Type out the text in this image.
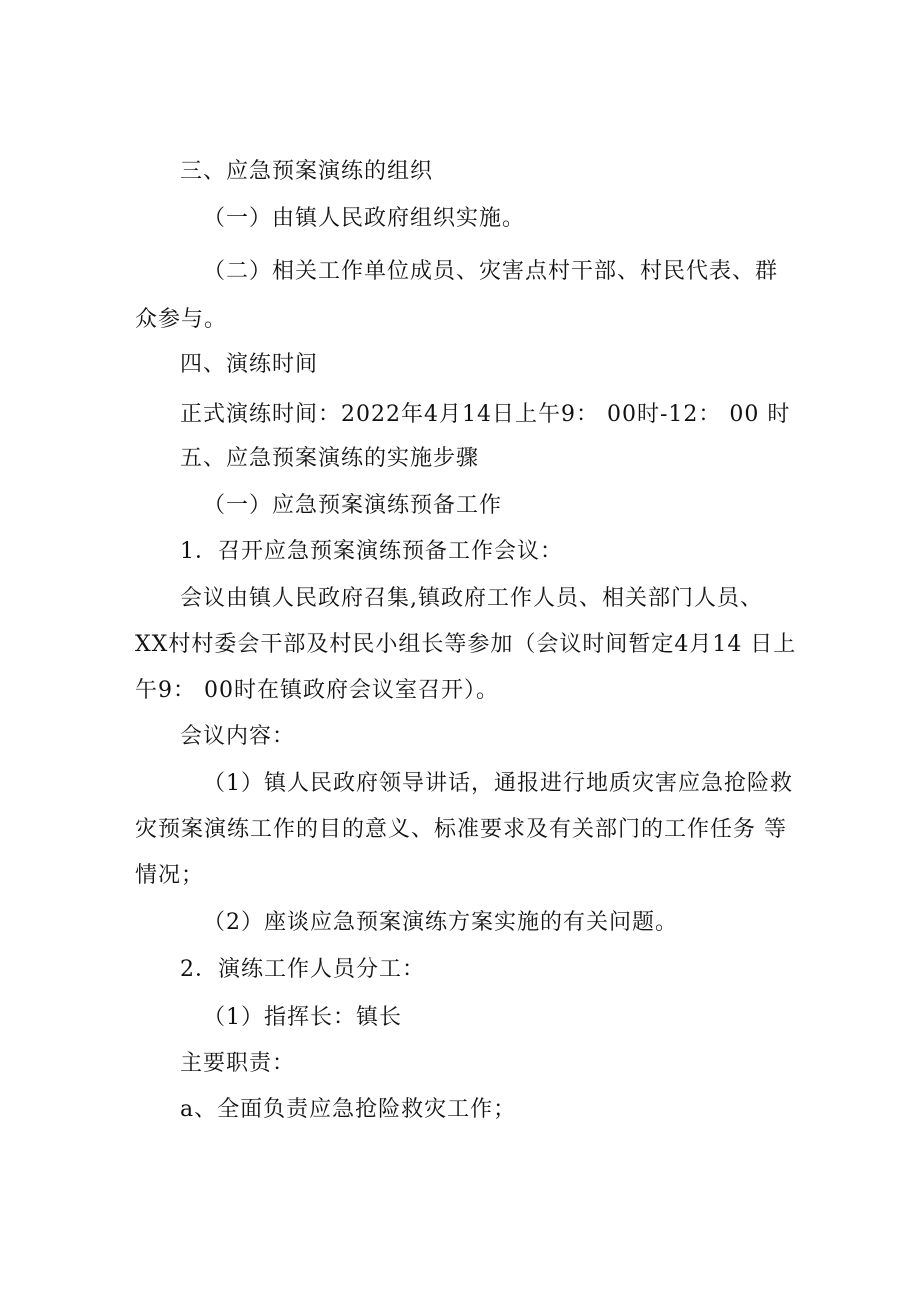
三、应急预案演练的组织
（一）由镇人民政府组织实施。
（二）相关工作单位成员、灾害点村干部、村民代表、群
众参与。
四、演练时间
正式演练时间：2022年4月14日上午9： 00时-12： 00 时
五、应急预案演练的实施步骤
（一）应急预案演练预备工作
1．召开应急预案演练预备工作会议：
会议由镇人民政府召集,镇政府工作人员、相关部门人员、
XX村村委会干部及村民小组长等参加（会议时间暂定4月14 日上
午9： 00时在镇政府会议室召开）。
会议内容：
（1）镇人民政府领导讲话，通报进行地质灾害应急抢险救
灾预案演练工作的目的意义、标准要求及有关部门的工作任务 等
情况；
（2）座谈应急预案演练方案实施的有关问题。
2．演练工作人员分工：
（1）指挥长：镇长
主要职责：
a、全面负责应急抢险救灾工作；
